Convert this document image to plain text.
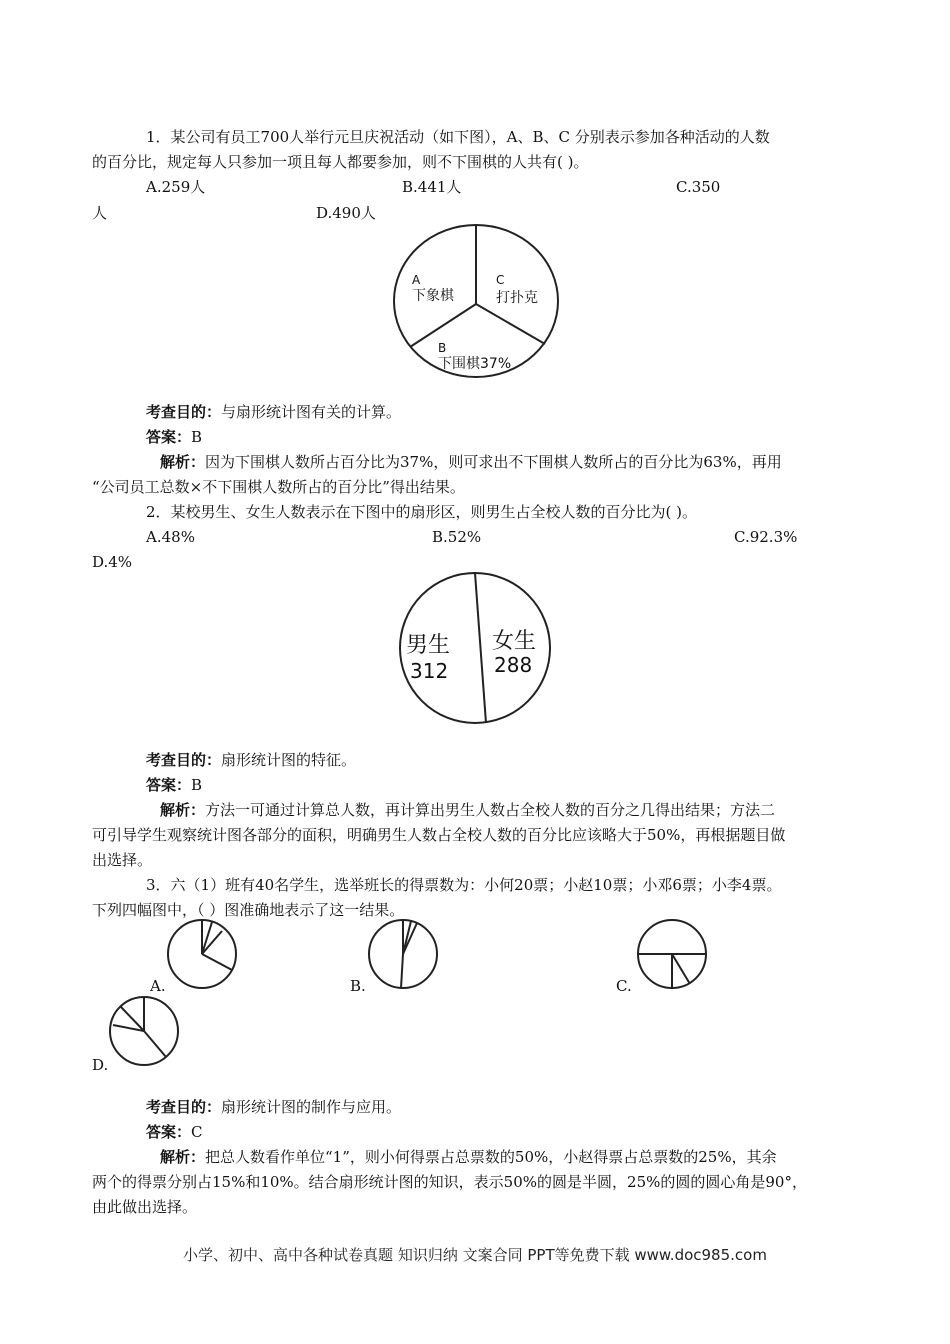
1．某公司有员工700人举行元旦庆祝活动（如下图），A、B、C 分别表示参加各种活动的人数
的百分比，规定每人只参加一项且每人都要参加，则不下围棋的人共有( )。
A.259人	B.441人	C.350
人	D.490人
A
下象棋
C
打扑克
B
下围棋37%
考查目的：与扇形统计图有关的计算。
答案：B
解析：因为下围棋人数所占百分比为37%，则可求出不下围棋人数所占的百分比为63%，再用
“公司员工总数×不下围棋人数所占的百分比”得出结果。
2．某校男生、女生人数表示在下图中的扇形区，则男生占全校人数的百分比为( )。
A.48%	B.52%	C.92.3%
D.4%
男生
312
女生
288
考查目的：扇形统计图的特征。
答案：B
解析：方法一可通过计算总人数，再计算出男生人数占全校人数的百分之几得出结果；方法二
可引导学生观察统计图各部分的面积，明确男生人数占全校人数的百分比应该略大于50%，再根据题目做
出选择。
3．六（1）班有40名学生，选举班长的得票数为：小何20票；小赵10票；小邓6票；小李4票。
下列四幅图中，（ ）图准确地表示了这一结果。
A.	B.	C.
D.
考查目的：扇形统计图的制作与应用。
答案：C
解析：把总人数看作单位“1”，则小何得票占总票数的50%，小赵得票占总票数的25%，其余
两个的得票分别占15%和10%。结合扇形统计图的知识，表示50%的圆是半圆，25%的圆的圆心角是90°，
由此做出选择。
小学、初中、高中各种试卷真题 知识归纳 文案合同 PPT等免费下载 www.doc985.com
